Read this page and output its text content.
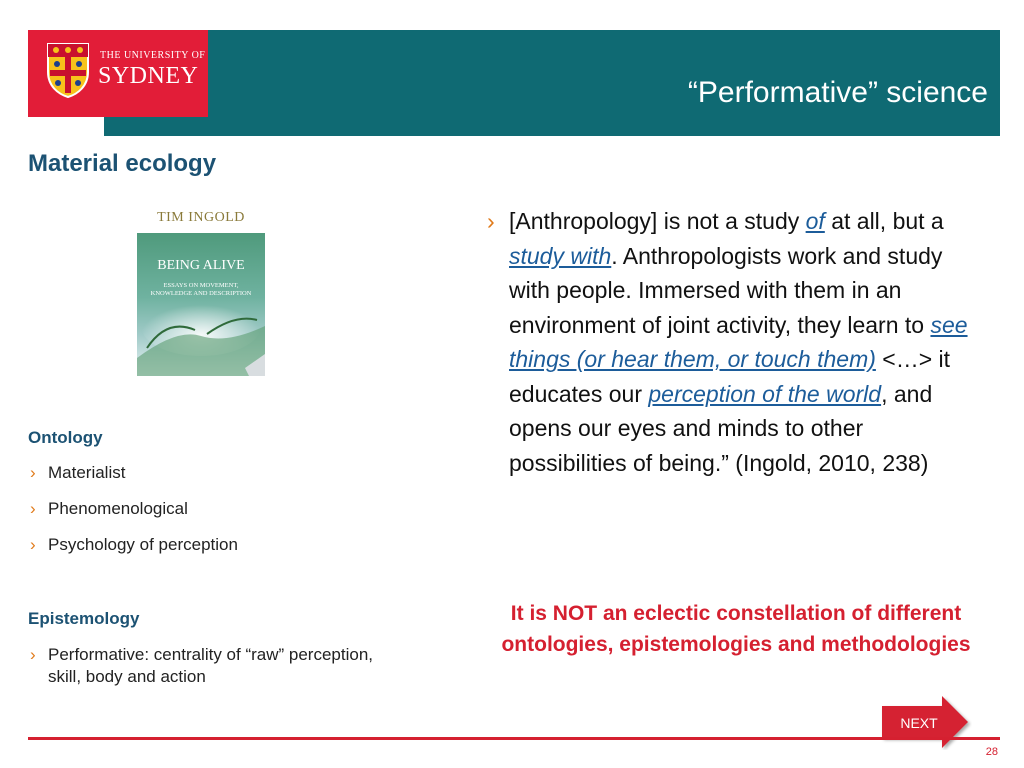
THE UNIVERSITY OF
SYDNEY	“Performative” science
Material ecology
TIM INGOLD
BEING ALIVE
ESSAYS ON MOVEMENT,
KNOWLEDGE AND DESCRIPTION
Ontology
› Materialist
› Phenomenological
› Psychology of perception
Epistemology
› Performative: centrality of “raw” perception, skill, body and action
› [Anthropology] is not a study of at all, but a study with. Anthropologists work and study with people. Immersed with them in an environment of joint activity, they learn to see things (or hear them, or touch them) <…> it educates our perception of the world, and opens our eyes and minds to other possibilities of being.” (Ingold, 2010, 238)
It is NOT an eclectic constellation of different ontologies, epistemologies and methodologies
NEXT
28
